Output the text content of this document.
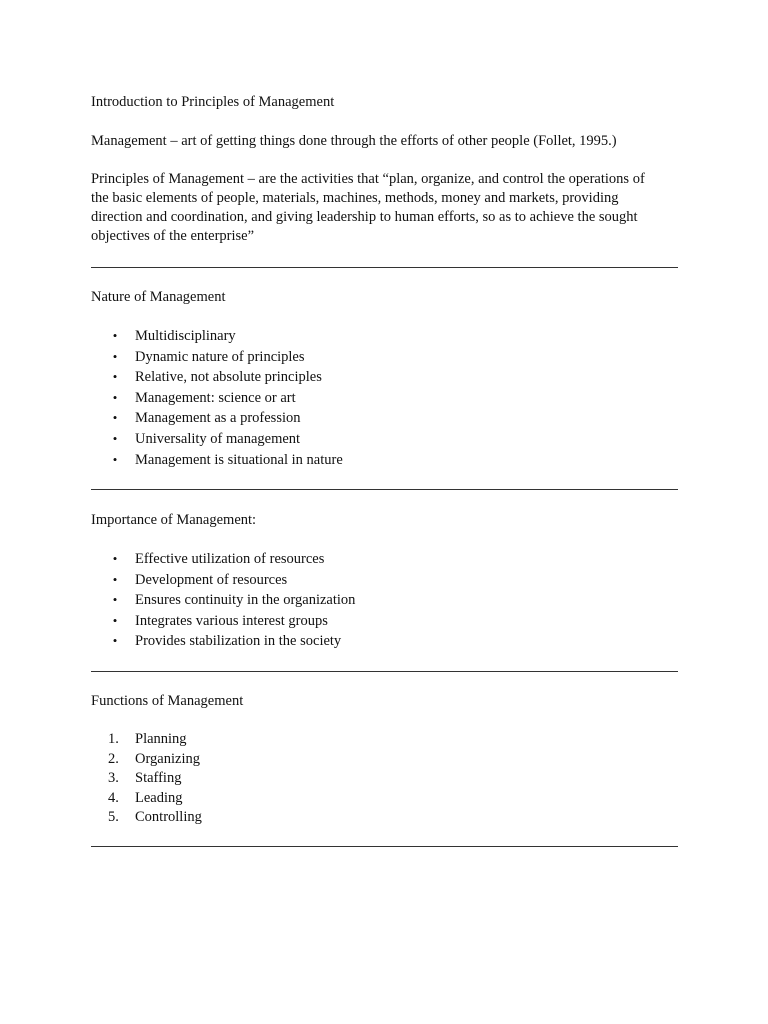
Introduction to Principles of Management
Management – art of getting things done through the efforts of other people (Follet, 1995.)
Principles of Management – are the activities that “plan, organize, and control the operations of
the basic elements of people, materials, machines, methods, money and markets, providing
direction and coordination, and giving leadership to human efforts, so as to achieve the sought
objectives of the enterprise”
Nature of Management
• Multidisciplinary
• Dynamic nature of principles
• Relative, not absolute principles
• Management: science or art
• Management as a profession
• Universality of management
• Management is situational in nature
Importance of Management:
• Effective utilization of resources
• Development of resources
• Ensures continuity in the organization
• Integrates various interest groups
• Provides stabilization in the society
Functions of Management
1.	Planning
2.	Organizing
3.	Staffing
4.	Leading
5.	Controlling
